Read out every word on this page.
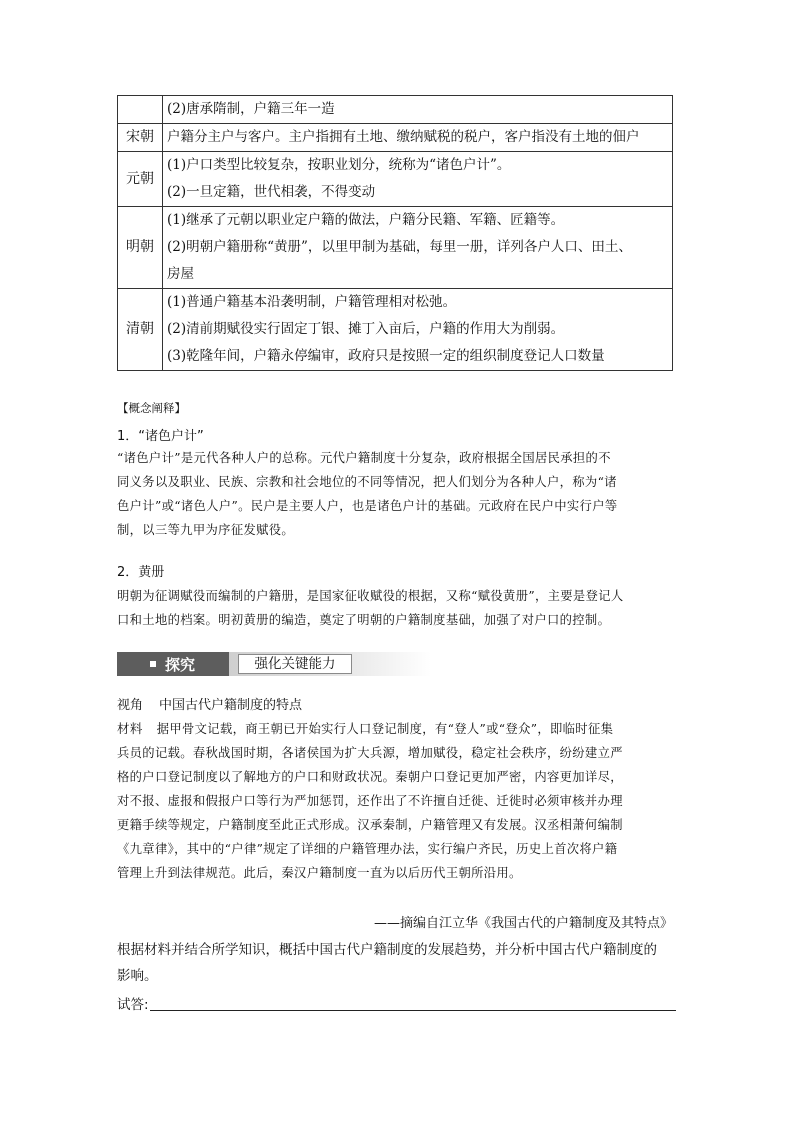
	(2)唐承隋制，户籍三年一造

宋朝	户籍分主户与客户。主户指拥有土地、缴纳赋税的税户，客户指没有土地的佃户

元朝	(1)户口类型比较复杂，按职业划分，统称为“诸色户计”。
(2)一旦定籍，世代相袭，不得变动

明朝	(1)继承了元朝以职业定户籍的做法，户籍分民籍、军籍、匠籍等。
(2)明朝户籍册称“黄册”，以里甲制为基础，每里一册，详列各户人口、田土、
房屋

清朝	(1)普通户籍基本沿袭明制，户籍管理相对松弛。
(2)清前期赋役实行固定丁银、摊丁入亩后，户籍的作用大为削弱。
(3)乾隆年间，户籍永停编审，政府只是按照一定的组织制度登记人口数量
【概念阐释】
1．“诸色户计”
“诸色户计”是元代各种人户的总称。元代户籍制度十分复杂，政府根据全国居民承担的不
同义务以及职业、民族、宗教和社会地位的不同等情况，把人们划分为各种人户，称为“诸
色户计”或“诸色人户”。民户是主要人户，也是诸色户计的基础。元政府在民户中实行户等
制，以三等九甲为序征发赋役。
2．黄册
明朝为征调赋役而编制的户籍册，是国家征收赋役的根据，又称“赋役黄册”，主要是登记人
口和土地的档案。明初黄册的编造，奠定了明朝的户籍制度基础，加强了对户口的控制。
探究	强化关键能力
视角 中国古代户籍制度的特点
材料 据甲骨文记载，商王朝已开始实行人口登记制度，有“登人”或“登众”，即临时征集
兵员的记载。春秋战国时期，各诸侯国为扩大兵源，增加赋役，稳定社会秩序，纷纷建立严
格的户口登记制度以了解地方的户口和财政状况。秦朝户口登记更加严密，内容更加详尽，
对不报、虚报和假报户口等行为严加惩罚，还作出了不许擅自迁徙、迁徙时必须审核并办理
更籍手续等规定，户籍制度至此正式形成。汉承秦制，户籍管理又有发展。汉丞相萧何编制
《九章律》，其中的“户律”规定了详细的户籍管理办法，实行编户齐民，历史上首次将户籍
管理上升到法律规范。此后，秦汉户籍制度一直为以后历代王朝所沿用。
——摘编自江立华《我国古代的户籍制度及其特点》
根据材料并结合所学知识，概括中国古代户籍制度的发展趋势，并分析中国古代户籍制度的
影响。
试答:
